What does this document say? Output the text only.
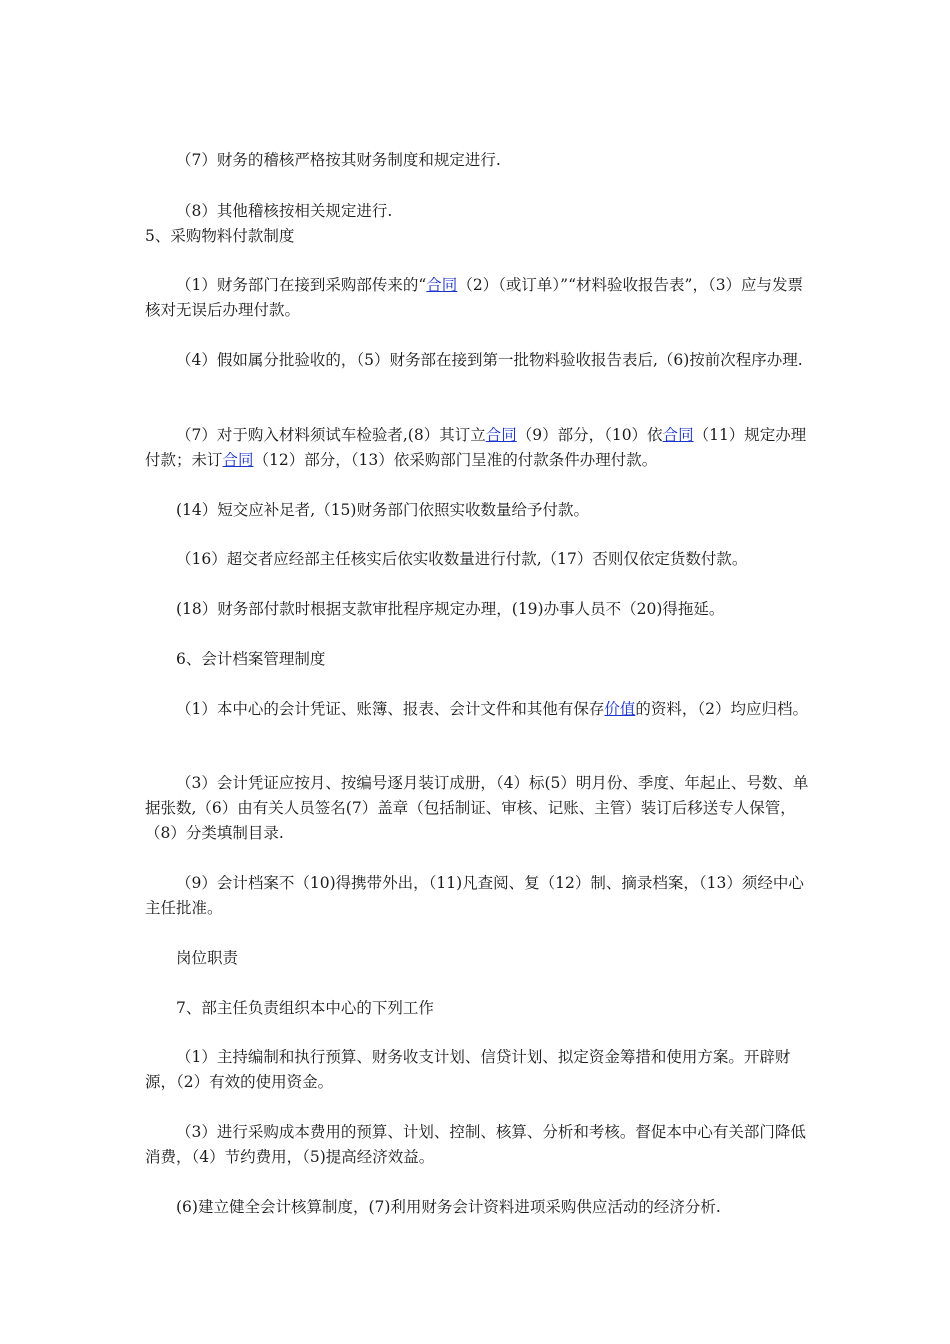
（7）财务的稽核严格按其财务制度和规定进行.

（8）其他稽核按相关规定进行.

5、采购物料付款制度

（1）财务部门在接到采购部传来的“合同（2）（或订单）”“材料验收报告表”，（3）应与发票核对无误后办理付款。

（4）假如属分批验收的，（5）财务部在接到第一批物料验收报告表后,（6)按前次程序办理.

（7）对于购入材料须试车检验者,(8）其订立合同（9）部分，（10）依合同（11）规定办理付款；未订合同（12）部分，（13）依采购部门呈准的付款条件办理付款。

(14）短交应补足者,（15)财务部门依照实收数量给予付款。

（16）超交者应经部主任核实后依实收数量进行付款,（17）否则仅依定货数付款。

(18）财务部付款时根据支款审批程序规定办理，(19)办事人员不（20)得拖延。

6、会计档案管理制度

（1）本中心的会计凭证、账簿、报表、会计文件和其他有保存价值的资料，（2）均应归档。

（3）会计凭证应按月、按编号逐月装订成册，（4）标(5）明月份、季度、年起止、号数、单据张数,（6）由有关人员签名(7）盖章（包括制证、审核、记账、主管）装订后移送专人保管，（8）分类填制目录.

（9）会计档案不（10)得携带外出，（11)凡查阅、复（12）制、摘录档案，（13）须经中心主任批准。

岗位职责

7、部主任负责组织本中心的下列工作

（1）主持编制和执行预算、财务收支计划、信贷计划、拟定资金筹措和使用方案。开辟财源，（2）有效的使用资金。

（3）进行采购成本费用的预算、计划、控制、核算、分析和考核。督促本中心有关部门降低消费，（4）节约费用，（5)提高经济效益。

(6)建立健全会计核算制度，(7)利用财务会计资料进项采购供应活动的经济分析.
